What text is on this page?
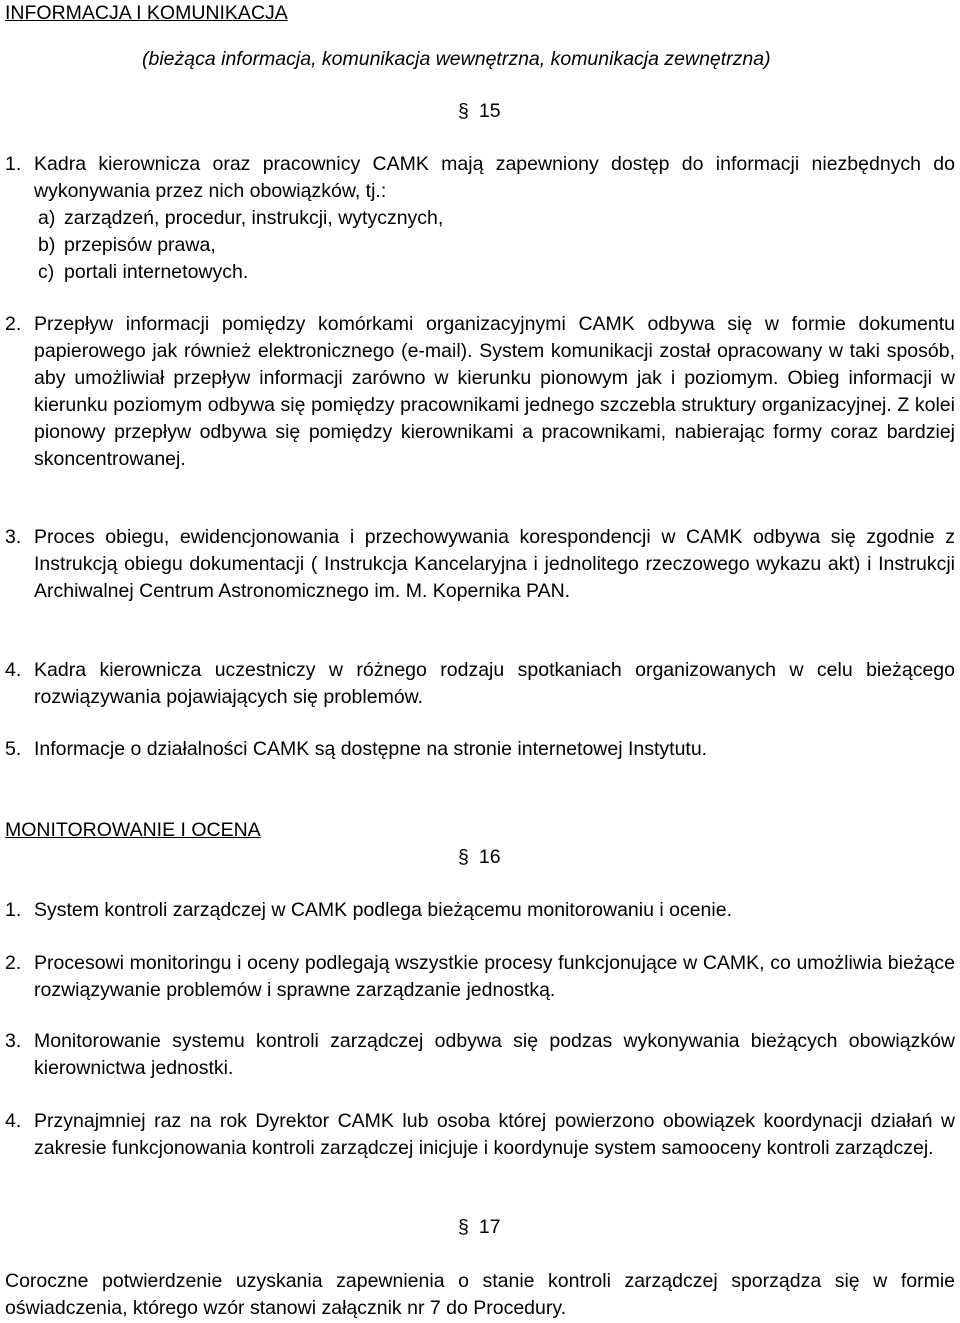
INFORMACJA I KOMUNIKACJA
(bieżąca informacja, komunikacja wewnętrzna, komunikacja zewnętrzna)
§ 15
1. Kadra kierownicza oraz pracownicy CAMK mają zapewniony dostęp do informacji niezbędnych do wykonywania przez nich obowiązków, tj.:
a) zarządzeń, procedur, instrukcji, wytycznych,
b) przepisów prawa,
c) portali internetowych.
2. Przepływ informacji pomiędzy komórkami organizacyjnymi CAMK odbywa się w formie dokumentu papierowego jak również elektronicznego (e-mail). System komunikacji został opracowany w taki sposób, aby umożliwiał przepływ informacji zarówno w kierunku pionowym jak i poziomym. Obieg informacji w kierunku poziomym odbywa się pomiędzy pracownikami jednego szczebla struktury organizacyjnej. Z kolei pionowy przepływ odbywa się pomiędzy kierownikami a pracownikami, nabierając formy coraz bardziej skoncentrowanej.
3. Proces obiegu, ewidencjonowania i przechowywania korespondencji w CAMK odbywa się zgodnie z Instrukcją obiegu dokumentacji ( Instrukcja Kancelaryjna i jednolitego rzeczowego wykazu akt) i Instrukcji Archiwalnej Centrum Astronomicznego im. M. Kopernika PAN.
4. Kadra kierownicza uczestniczy w różnego rodzaju spotkaniach organizowanych w celu bieżącego rozwiązywania pojawiających się problemów.
5. Informacje o działalności CAMK są dostępne na stronie internetowej Instytutu.
MONITOROWANIE I OCENA
§ 16
1. System kontroli zarządczej w CAMK podlega bieżącemu monitorowaniu i ocenie.
2. Procesowi monitoringu i oceny podlegają wszystkie procesy funkcjonujące w CAMK, co umożliwia bieżące rozwiązywanie problemów i sprawne zarządzanie jednostką.
3. Monitorowanie systemu kontroli zarządczej odbywa się podzas wykonywania bieżących obowiązków kierownictwa jednostki.
4. Przynajmniej raz na rok Dyrektor CAMK lub osoba której powierzono obowiązek koordynacji działań w zakresie funkcjonowania kontroli zarządczej inicjuje i koordynuje system samooceny kontroli zarządczej.
§ 17
Coroczne potwierdzenie uzyskania zapewnienia o stanie kontroli zarządczej sporządza się w formie oświadczenia, którego wzór stanowi załącznik nr 7 do Procedury.
